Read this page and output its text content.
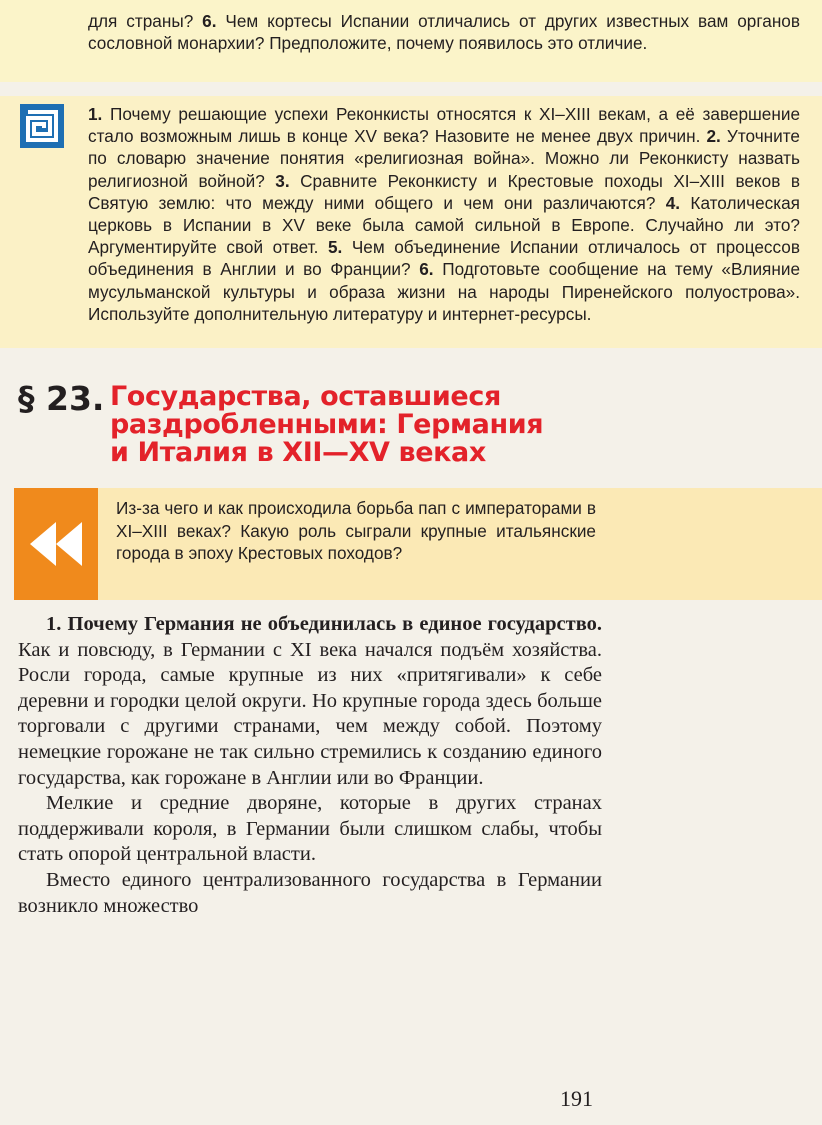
для страны? 6. Чем кортесы Испании отличались от других известных вам органов сословной монархии? Предположите, почему появилось это отличие.

1. Почему решающие успехи Реконкисты относятся к XI–XIII векам, а её завершение стало возможным лишь в конце XV века? Назовите не менее двух причин. 2. Уточните по словарю значение понятия «религиозная война». Можно ли Реконкисту назвать религиозной войной? 3. Сравните Реконкисту и Крестовые походы XI–XIII веков в Святую землю: что между ними общего и чем они различаются? 4. Католическая церковь в Испании в XV веке была самой сильной в Европе. Случайно ли это? Аргументируйте свой ответ. 5. Чем объединение Испании отличалось от процессов объединения в Англии и во Франции? 6. Подготовьте сообщение на тему «Влияние мусульманской культуры и образа жизни на народы Пиренейского полуострова». Используйте дополнительную литературу и интернет-ресурсы.

§ 23. Государства, оставшиеся раздробленными: Германия и Италия в XII—XV веках

Из-за чего и как происходила борьба пап с императорами в XI–XIII веках? Какую роль сыграли крупные итальянские города в эпоху Крестовых походов?

1. Почему Германия не объединилась в единое государство. Как и повсюду, в Германии с XI века начался подъём хозяйства. Росли города, самые крупные из них «притягивали» к себе деревни и городки целой округи. Но крупные города здесь больше торговали с другими странами, чем между собой. Поэтому немецкие горожане не так сильно стремились к созданию единого государства, как горожане в Англии или во Франции.

Мелкие и средние дворяне, которые в других странах поддерживали короля, в Германии были слишком слабы, чтобы стать опорой центральной власти.

Вместо единого централизованного государства в Германии возникло множество

191
